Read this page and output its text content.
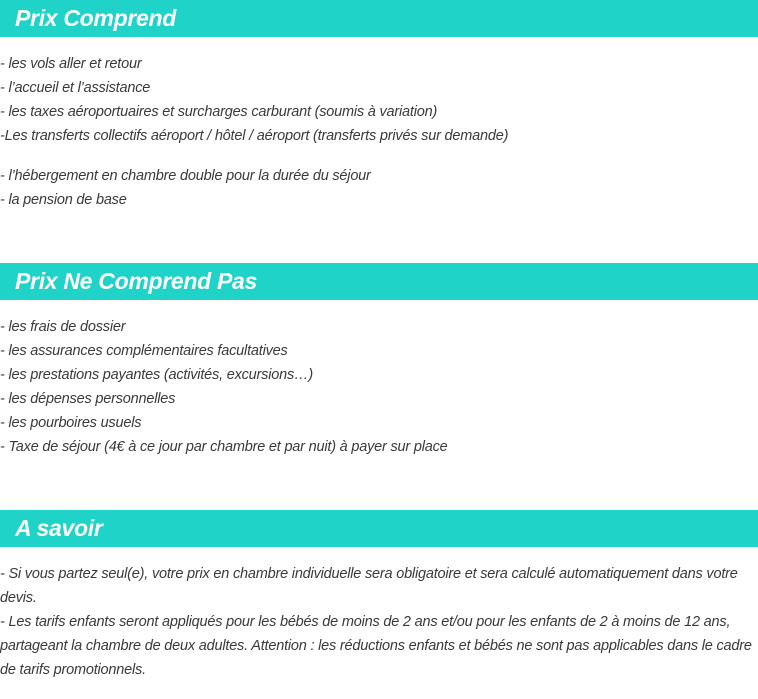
Prix Comprend
- les vols aller et retour
- l’accueil et l’assistance
- les taxes aéroportuaires et surcharges carburant (soumis à variation)
-Les transferts collectifs aéroport / hôtel / aéroport (transferts privés sur demande)
- l’hébergement en chambre double pour la durée du séjour
- la pension de base
Prix Ne Comprend Pas
- les frais de dossier
- les assurances complémentaires facultatives
- les prestations payantes (activités, excursions…)
- les dépenses personnelles
- les pourboires usuels
- Taxe de séjour (4€ à ce jour par chambre et par nuit) à payer sur place
A savoir
- Si vous partez seul(e), votre prix en chambre individuelle sera obligatoire et sera calculé automatiquement dans votre devis.
- Les tarifs enfants seront appliqués pour les bébés de moins de 2 ans et/ou pour les enfants de 2 à moins de 12 ans, partageant la chambre de deux adultes. Attention : les réductions enfants et bébés ne sont pas applicables dans le cadre de tarifs promotionnels.
